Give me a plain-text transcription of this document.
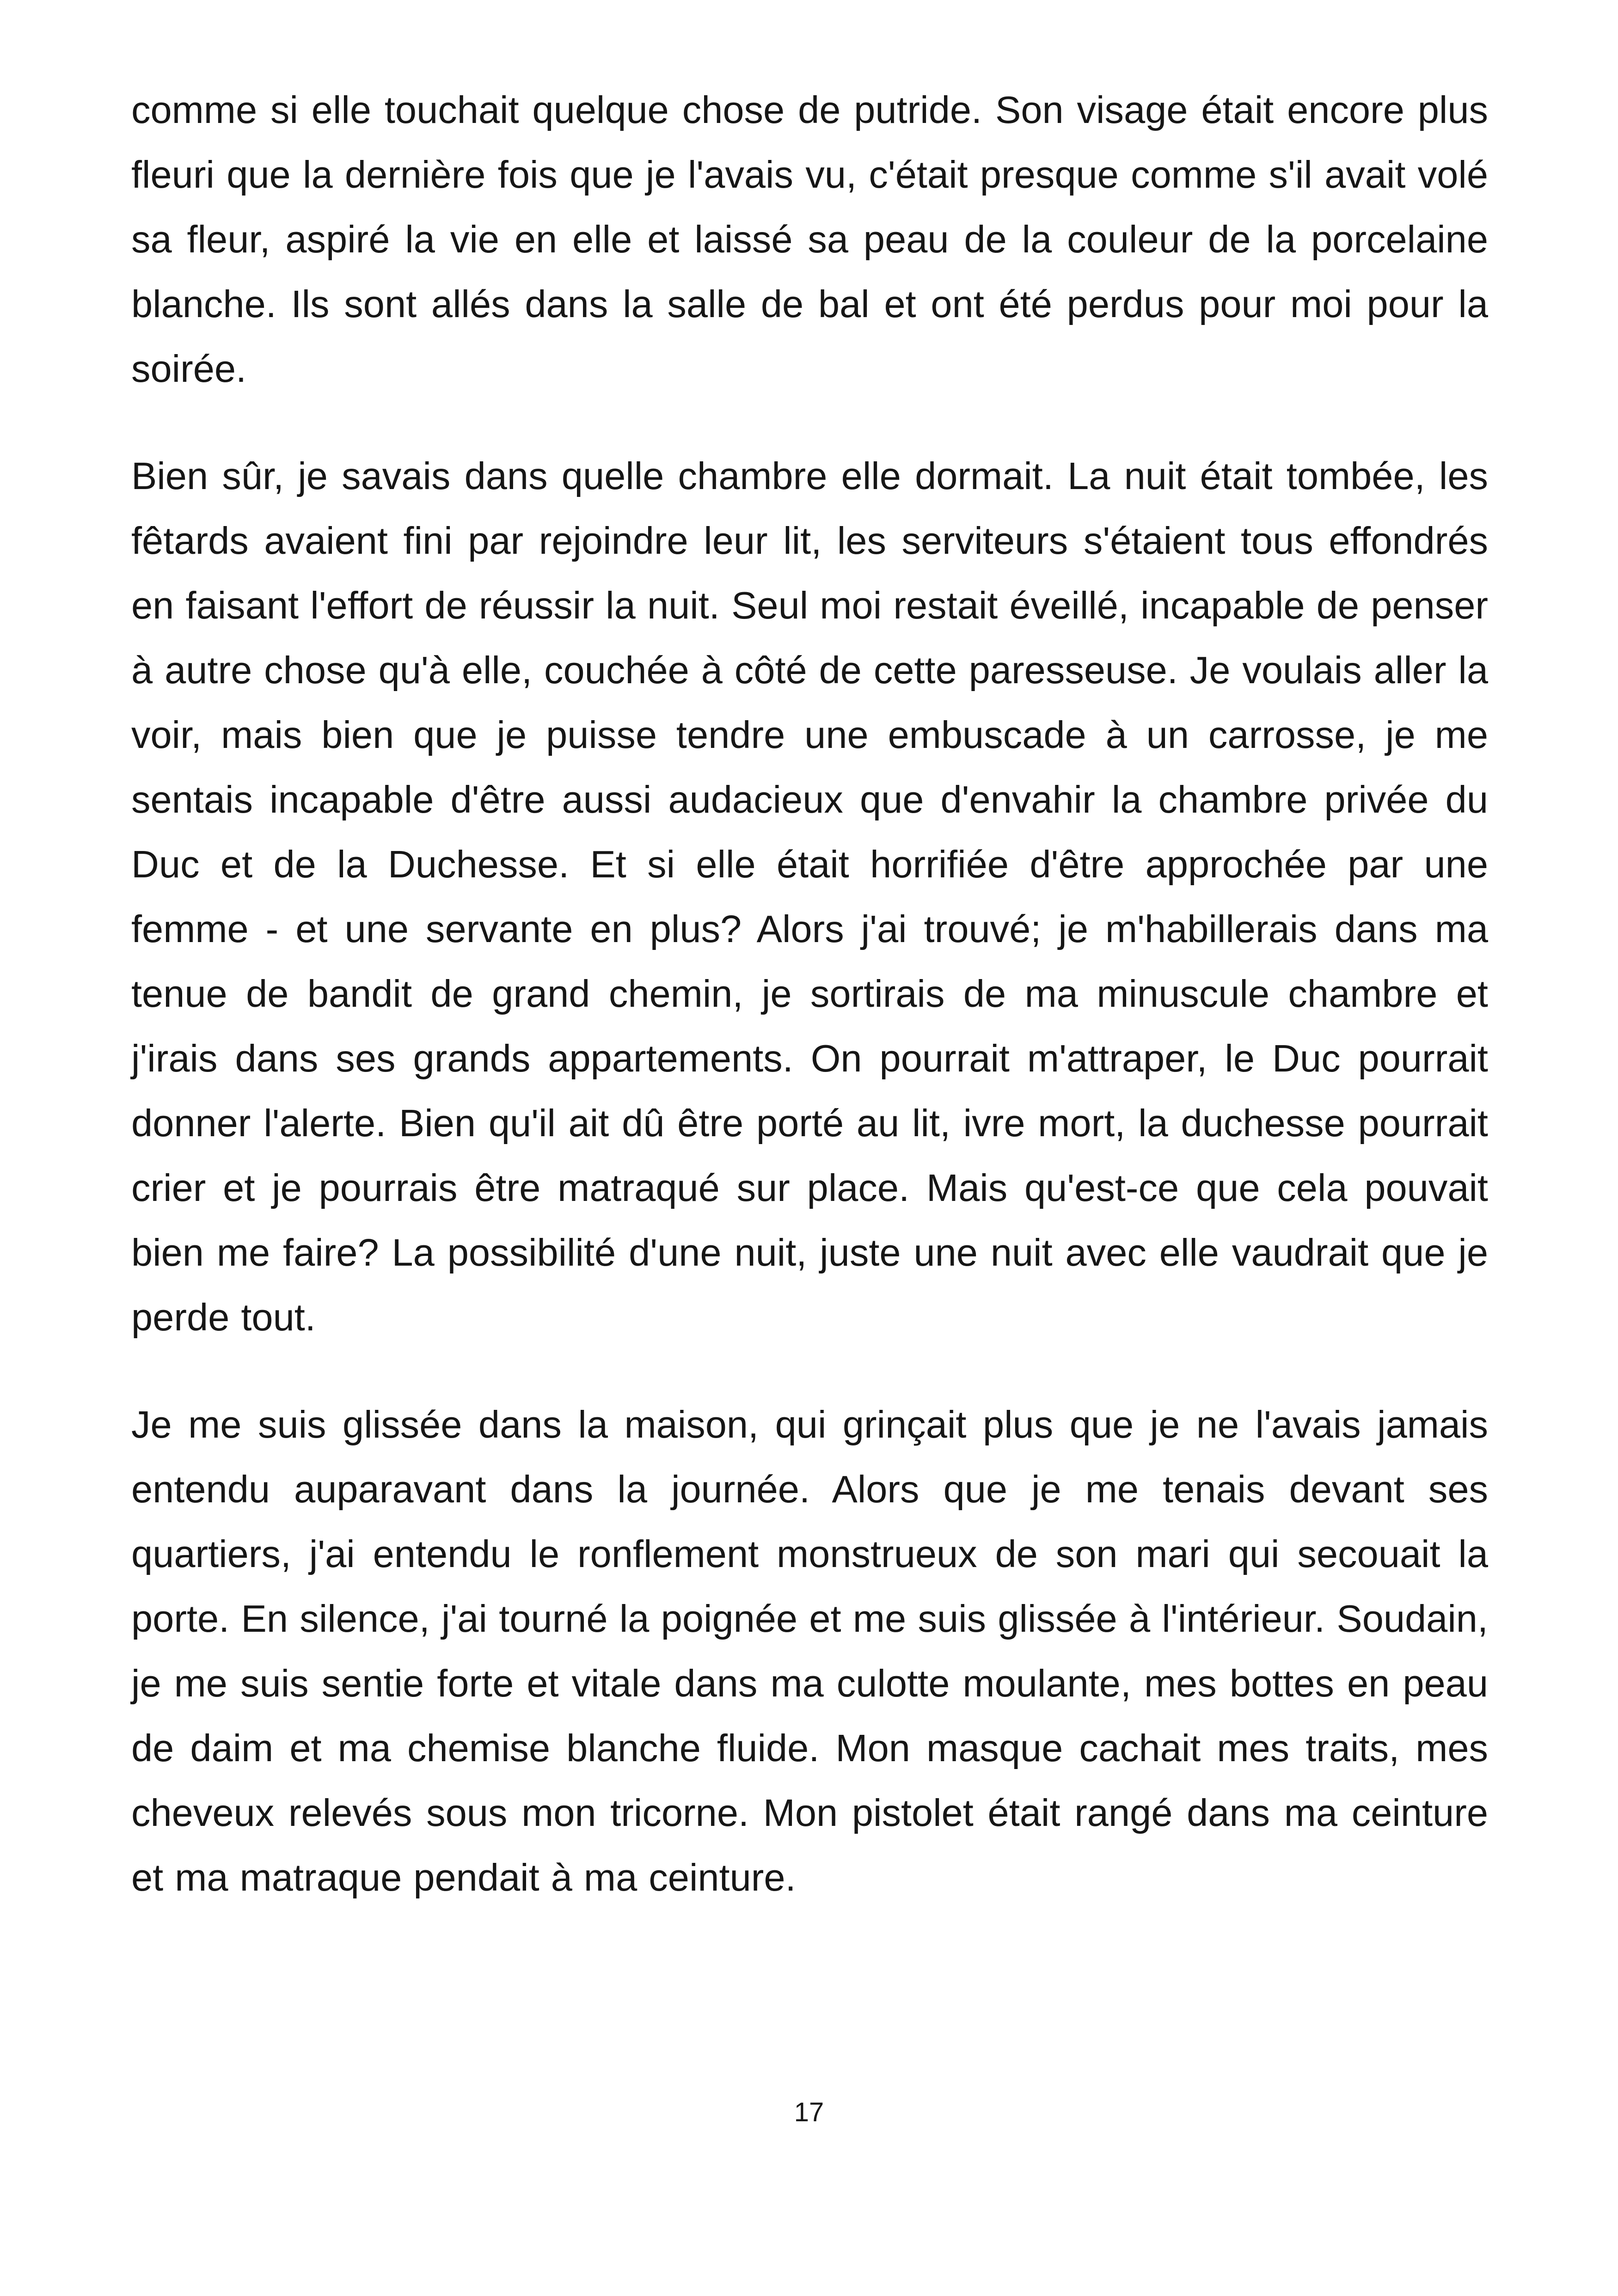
comme si elle touchait quelque chose de putride. Son visage était encore plus fleuri que la dernière fois que je l'avais vu, c'était presque comme s'il avait volé sa fleur, aspiré la vie en elle et laissé sa peau de la couleur de la porcelaine blanche. Ils sont allés dans la salle de bal et ont été perdus pour moi pour la soirée.

Bien sûr, je savais dans quelle chambre elle dormait. La nuit était tombée, les fêtards avaient fini par rejoindre leur lit, les serviteurs s'étaient tous effondrés en faisant l'effort de réussir la nuit. Seul moi restait éveillé, incapable de penser à autre chose qu'à elle, couchée à côté de cette paresseuse. Je voulais aller la voir, mais bien que je puisse tendre une embuscade à un carrosse, je me sentais incapable d'être aussi audacieux que d'envahir la chambre privée du Duc et de la Duchesse. Et si elle était horrifiée d'être approchée par une femme - et une servante en plus? Alors j'ai trouvé; je m'habillerais dans ma tenue de bandit de grand chemin, je sortirais de ma minuscule chambre et j'irais dans ses grands appartements. On pourrait m'attraper, le Duc pourrait donner l'alerte. Bien qu'il ait dû être porté au lit, ivre mort, la duchesse pourrait crier et je pourrais être matraqué sur place. Mais qu'est-ce que cela pouvait bien me faire? La possibilité d'une nuit, juste une nuit avec elle vaudrait que je perde tout.

Je me suis glissée dans la maison, qui grinçait plus que je ne l'avais jamais entendu auparavant dans la journée. Alors que je me tenais devant ses quartiers, j'ai entendu le ronflement monstrueux de son mari qui secouait la porte. En silence, j'ai tourné la poignée et me suis glissée à l'intérieur. Soudain, je me suis sentie forte et vitale dans ma culotte moulante, mes bottes en peau de daim et ma chemise blanche fluide. Mon masque cachait mes traits, mes cheveux relevés sous mon tricorne. Mon pistolet était rangé dans ma ceinture et ma matraque pendait à ma ceinture.

17
